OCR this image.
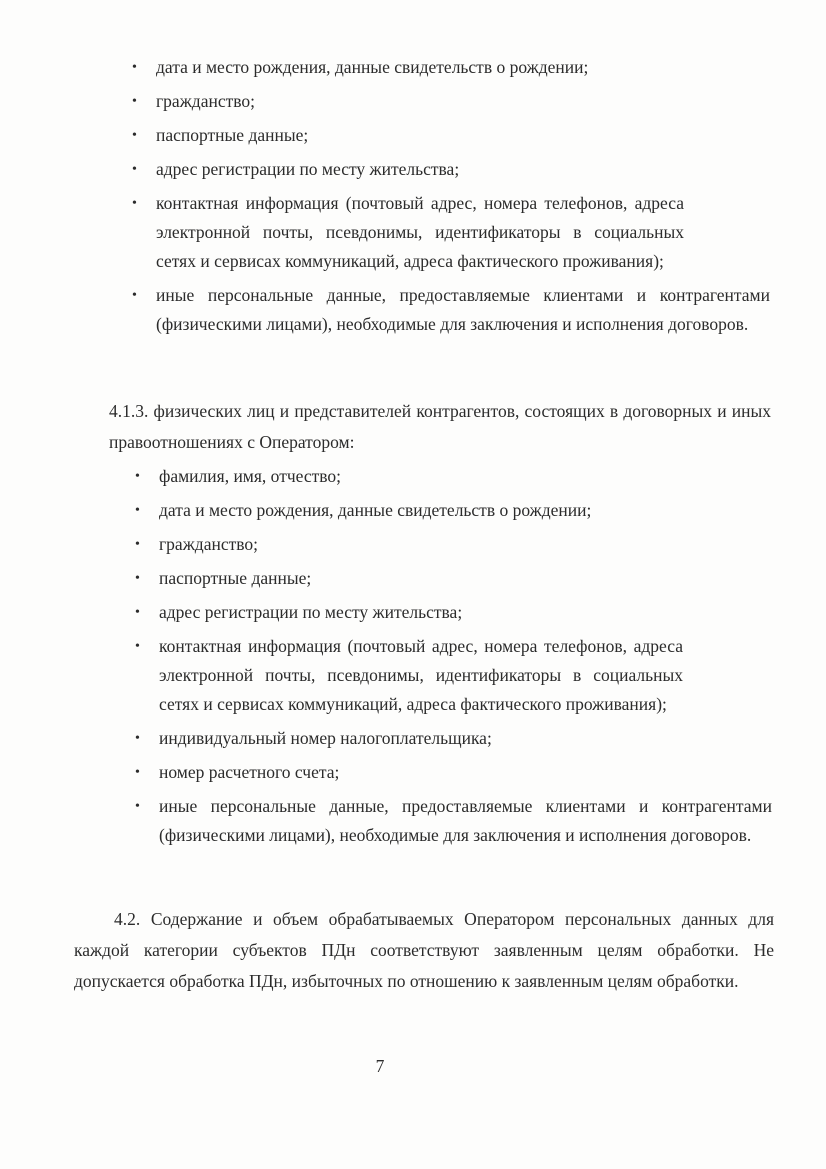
• дата и место рождения, данные свидетельств о рождении;
• гражданство;
• паспортные данные;
• адрес регистрации по месту жительства;
• контактная информация (почтовый адрес, номера телефонов, адреса электронной почты, псевдонимы, идентификаторы в социальных сетях и сервисах коммуникаций, адреса фактического проживания);
• иные персональные данные, предоставляемые клиентами и контрагентами (физическими лицами), необходимые для заключения и исполнения договоров.
4.1.3. физических лиц и представителей контрагентов, состоящих в договорных и иных правоотношениях с Оператором:
• фамилия, имя, отчество;
• дата и место рождения, данные свидетельств о рождении;
• гражданство;
• паспортные данные;
• адрес регистрации по месту жительства;
• контактная информация (почтовый адрес, номера телефонов, адреса электронной почты, псевдонимы, идентификаторы в социальных сетях и сервисах коммуникаций, адреса фактического проживания);
• индивидуальный номер налогоплательщика;
• номер расчетного счета;
• иные персональные данные, предоставляемые клиентами и контрагентами (физическими лицами), необходимые для заключения и исполнения договоров.
4.2. Содержание и объем обрабатываемых Оператором персональных данных для каждой категории субъектов ПДн соответствуют заявленным целям обработки. Не допускается обработка ПДн, избыточных по отношению к заявленным целям обработки.
7
